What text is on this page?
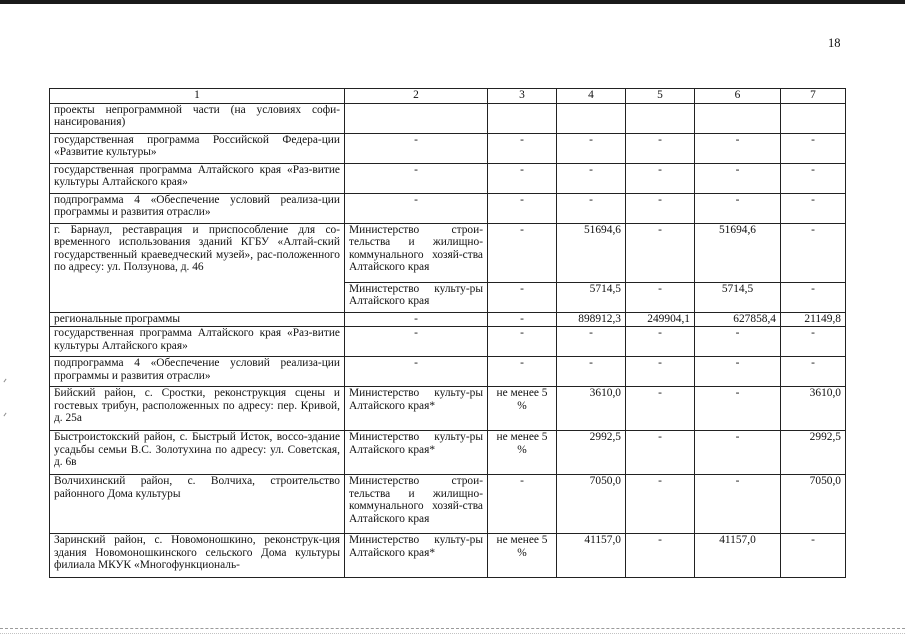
18
1	2	3	4	5	6	7
проекты непрограммной части (на условиях софи-нансирования)						
государственная программа Российской Федера-ции «Развитие культуры»	-	-	-	-	-	-
государственная программа Алтайского края «Раз-витие культуры Алтайского края»	-	-	-	-	-	-
подпрограмма 4 «Обеспечение условий реализа-ции программы и развития отрасли»	-	-	-	-	-	-
г. Барнаул, реставрация и приспособление для со-временного использования зданий КГБУ «Алтай-ский государственный краеведческий музей», рас-положенного по адресу: ул. Ползунова, д. 46	Министерство строи-тельства и жилищно-коммунального хозяй-ства Алтайского края	-	51694,6	-	51694,6	-
	Министерство культу-ры Алтайского края	-	5714,5	-	5714,5	-
региональные программы	-	-	898912,3	249904,1	627858,4	21149,8
государственная программа Алтайского края «Раз-витие культуры Алтайского края»	-	-	-	-	-	-
подпрограмма 4 «Обеспечение условий реализа-ции программы и развития отрасли»	-	-	-	-	-	-
Бийский район, с. Сростки, реконструкция сцены и гостевых трибун, расположенных по адресу: пер. Кривой, д. 25а	Министерство культу-ры Алтайского края*	не менее 5 %	3610,0	-	-	3610,0
Быстроистокский район, с. Быстрый Исток, воссо-здание усадьбы семьи В.С. Золотухина по адресу: ул. Советская, д. 6в	Министерство культу-ры Алтайского края*	не менее 5 %	2992,5	-	-	2992,5
Волчихинский район, с. Волчиха, строительство районного Дома культуры	Министерство строи-тельства и жилищно-коммунального хозяй-ства Алтайского края	-	7050,0	-	-	7050,0
Заринский район, с. Новомоношкино, реконструк-ция здания Новомоношкинского сельского Дома культуры филиала МКУК «Многофункциональ-	Министерство культу-ры Алтайского края*	не менее 5 %	41157,0	-	41157,0	-
